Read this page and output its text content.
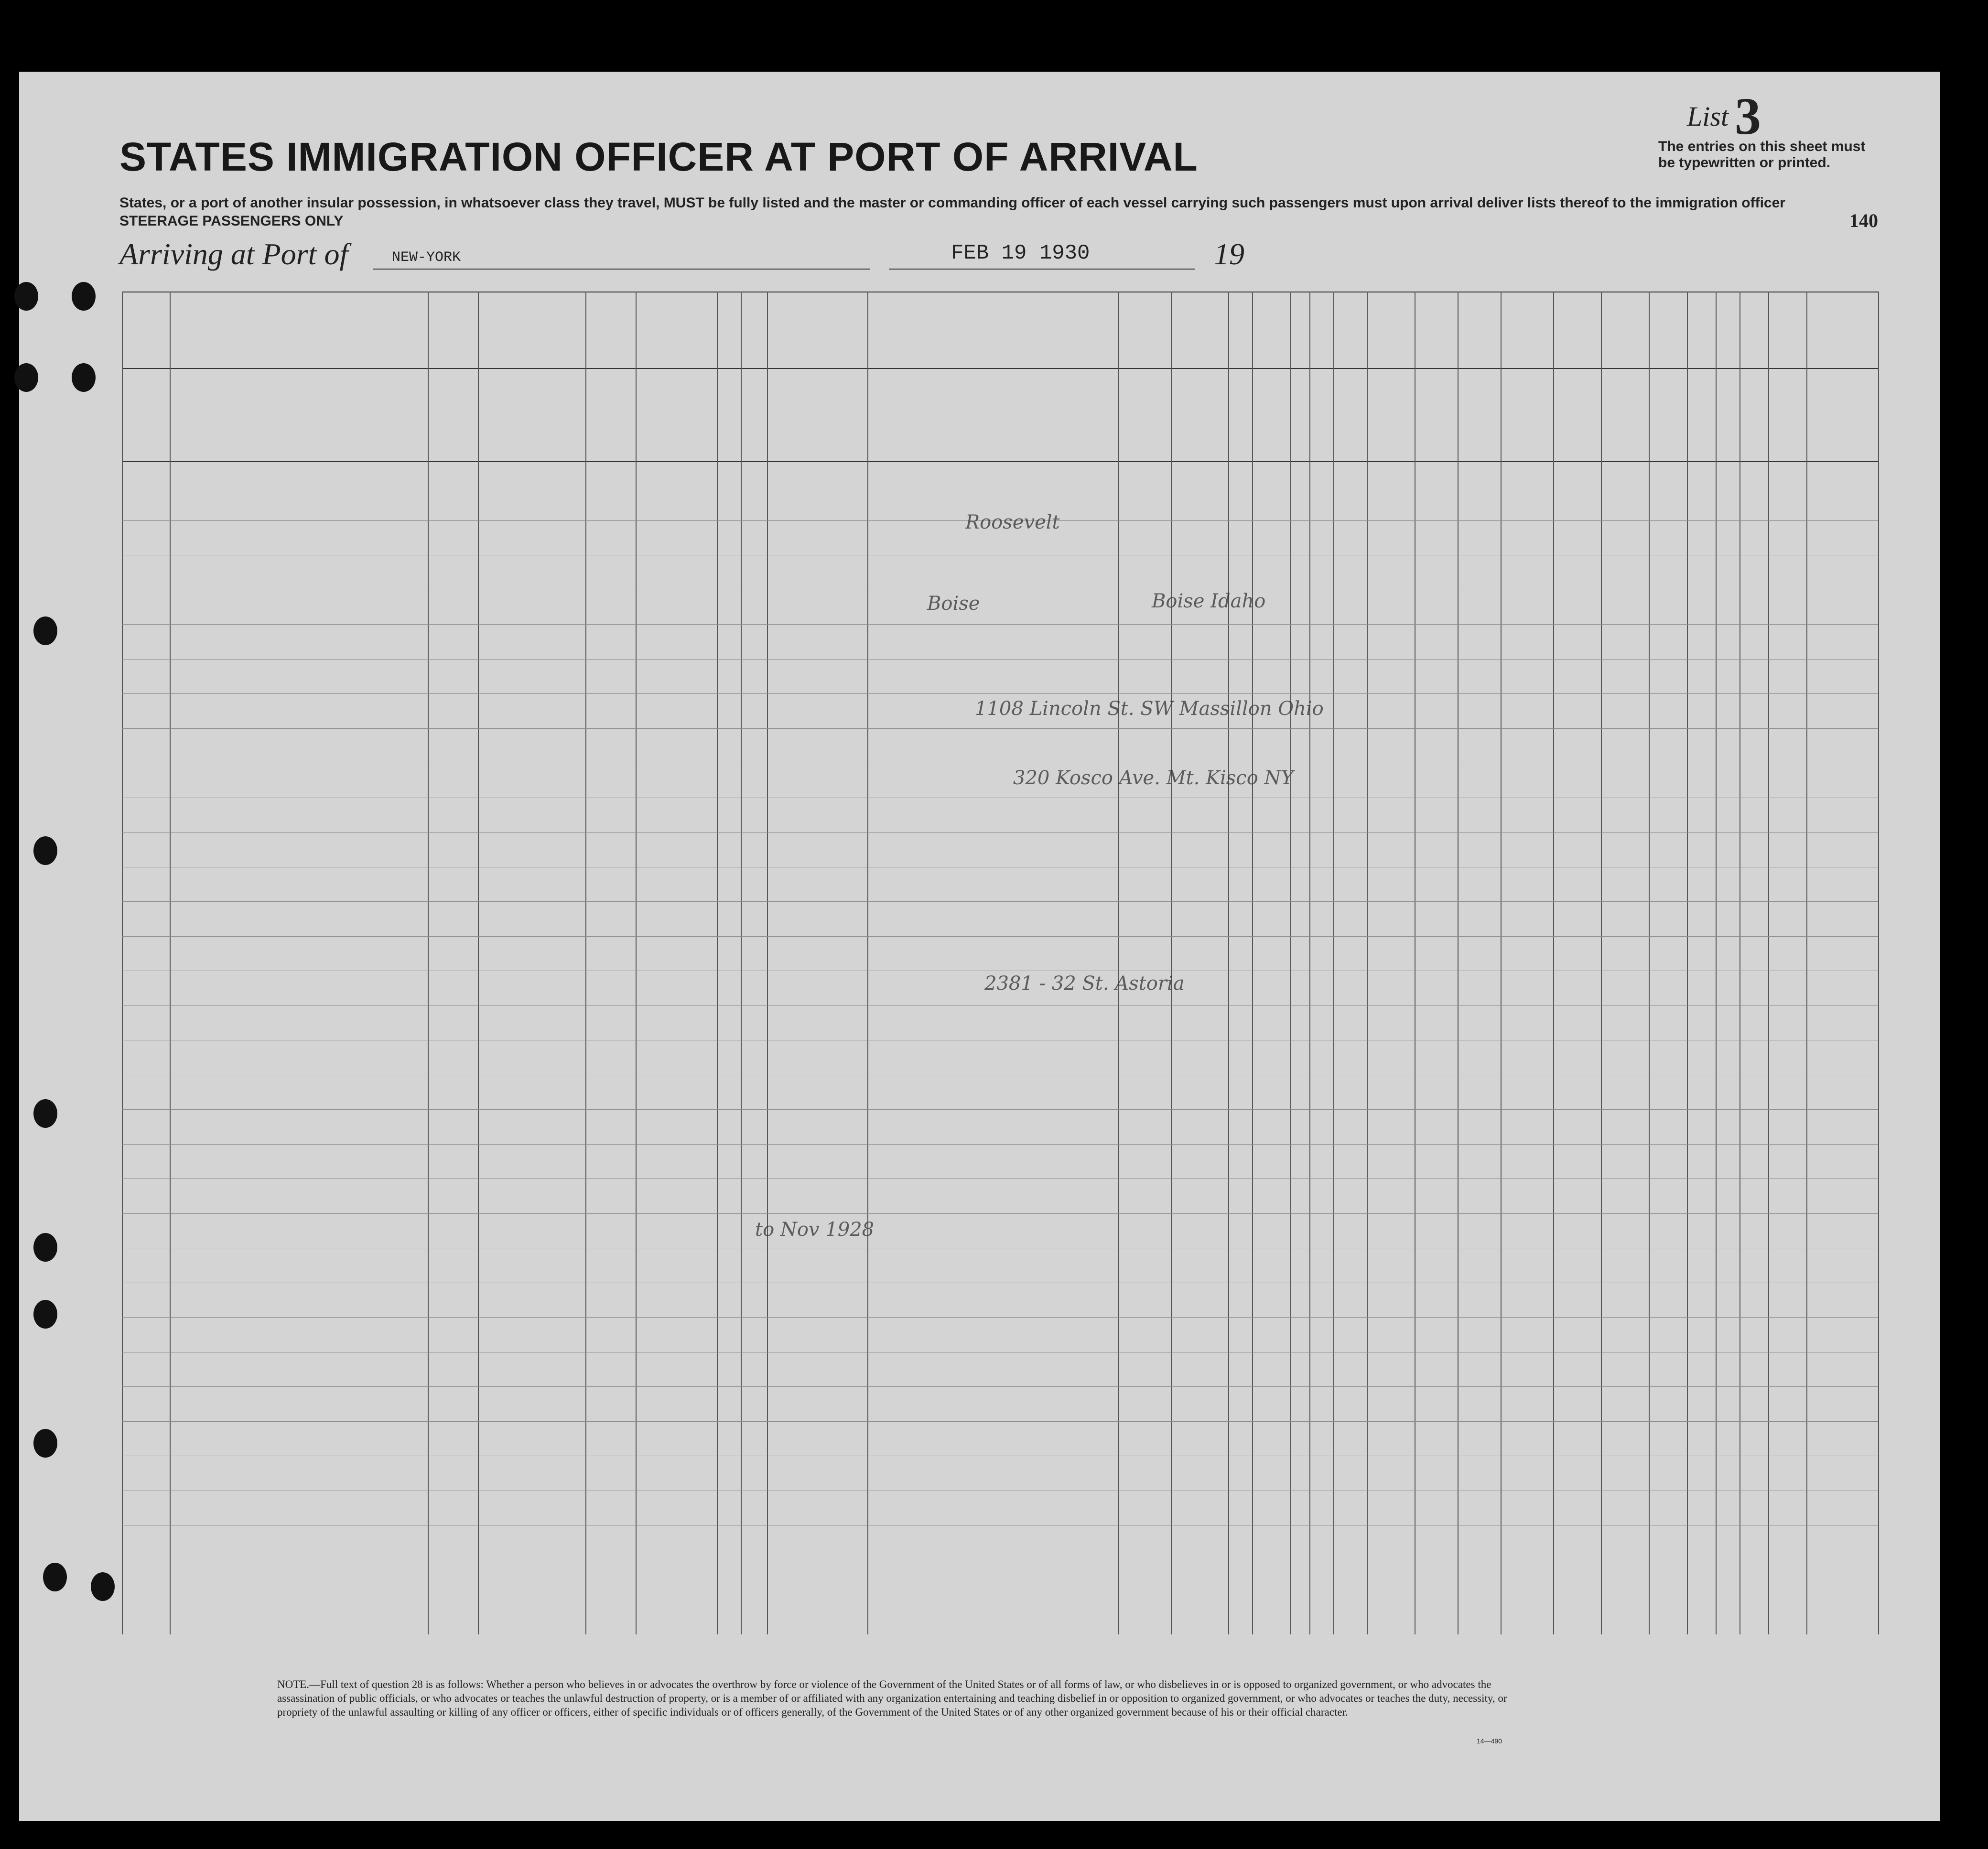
List 3
The entries on this sheet must
be typewritten or printed.
STATES IMMIGRATION OFFICER AT PORT OF ARRIVAL
States, or a port of another insular possession, in whatsoever class they travel, MUST be fully listed and the master or commanding officer of each vessel carrying such passengers must upon arrival deliver lists thereof to the immigration officer
STEERAGE PASSENGERS ONLY	140
Arriving at Port of	NEW-YORK	FEB 19 1930	19
NOTE.—Full text of question 28 is as follows: Whether a person who believes in or advocates the overthrow by force or violence of the Government of the United States or of all forms of law, or who disbelieves in or is opposed to organized government, or who advocates the assassination of public officials, or who advocates or teaches the unlawful destruction of property, or is a member of or affiliated with any organization entertaining and teaching disbelief in or opposition to organized government, or who advocates or teaches the duty, necessity, or propriety of the unlawful assaulting or killing of any officer or officers, either of specific individuals or of officers generally, of the Government of the United States or of any other organized government because of his or their official character.
14—490
Roosevelt
Boise Idaho
Boise
1108 Lincoln St. SW Massillon Ohio
320 Kosco Ave. Mt. Kisco NY
2381 - 32 St. Astoria
to Nov 1928
